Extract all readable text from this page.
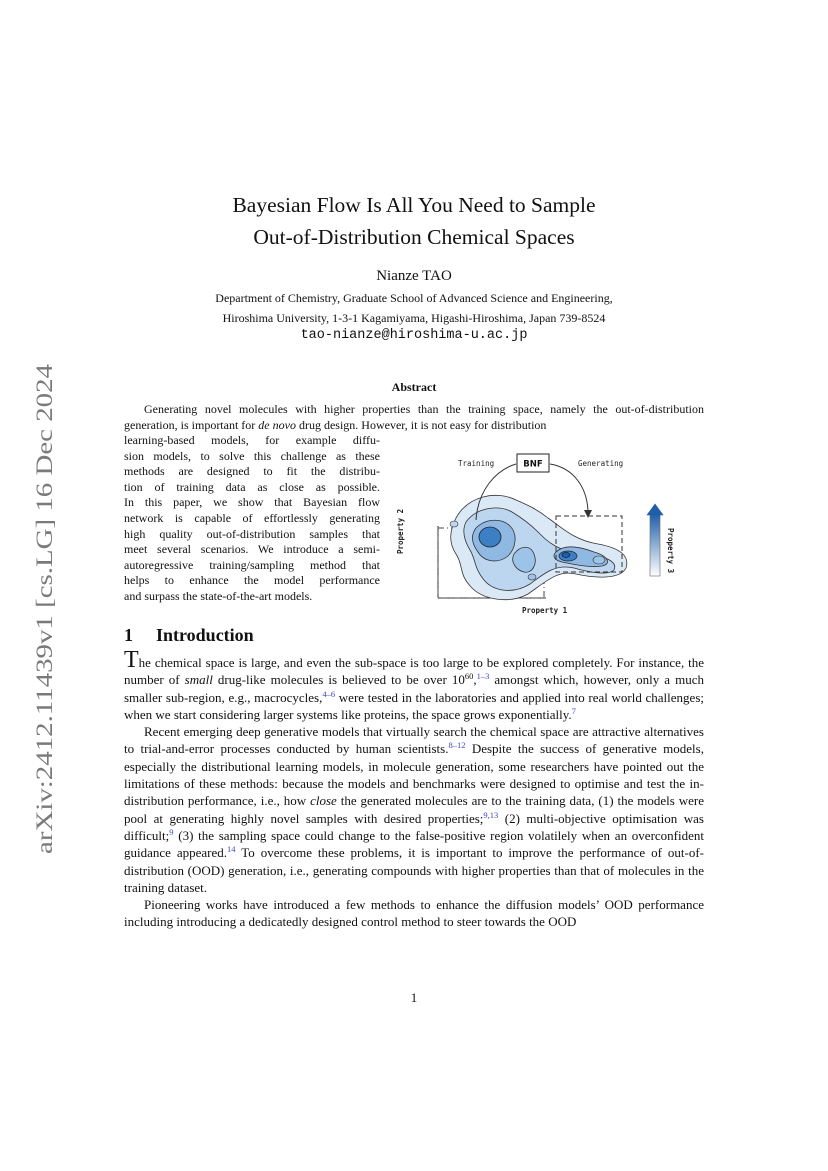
arXiv:2412.11439v1 [cs.LG] 16 Dec 2024
Bayesian Flow Is All You Need to Sample
Out-of-Distribution Chemical Spaces
Nianze TAO
Department of Chemistry, Graduate School of Advanced Science and Engineering,
Hiroshima University, 1-3-1 Kagamiyama, Higashi-Hiroshima, Japan 739-8524
tao-nianze@hiroshima-u.ac.jp
Abstract

Generating novel molecules with higher properties than the training space, namely the out-of-distribution generation, is important for de novo drug design. However, it is not easy for distribution

learning-based models, for example diffu-
sion models, to solve this challenge as these
methods are designed to fit the distribu-
tion of training data as close as possible.
In this paper, we show that Bayesian flow
network is capable of effortlessly generating
high quality out-of-distribution samples that
meet several scenarios. We introduce a semi-
autoregressive training/sampling method that
helps to enhance the model performance
and surpass the state-of-the-art models.

BNF
Training	Generating
Property 1
Property 2	Property 3
1 Introduction

The chemical space is large, and even the sub-space is too large to be explored completely. For instance, the number of small drug-like molecules is believed to be over $10^{60},^{1-3}$ amongst which, however, only a much smaller sub-region, e.g., macrocycles,$^{4-6}$ were tested in the laboratories and applied into real world challenges; when we start considering larger systems like proteins, the space grows exponentially.$^7$

Recent emerging deep generative models that virtually search the chemical space are attractive alternatives to trial-and-error processes conducted by human scientists.$^{8-12}$ Despite the success of generative models, especially the distributional learning models, in molecule generation, some researchers have pointed out the limitations of these methods: because the models and benchmarks were designed to optimise and test the in-distribution performance, i.e., how close the generated molecules are to the training data, (1) the models were pool at generating highly novel samples with desired properties;$^{9,13}$ (2) multi-objective optimisation was difficult;$^9$ (3) the sampling space could change to the false-positive region volatilely when an overconfident guidance appeared.$^{14}$ To overcome these problems, it is important to improve the performance of out-of-distribution (OOD) generation, i.e., generating compounds with higher properties than that of molecules in the training dataset.

Pioneering works have introduced a few methods to enhance the diffusion models’ OOD performance including introducing a dedicatedly designed control method to steer towards the OOD

1
